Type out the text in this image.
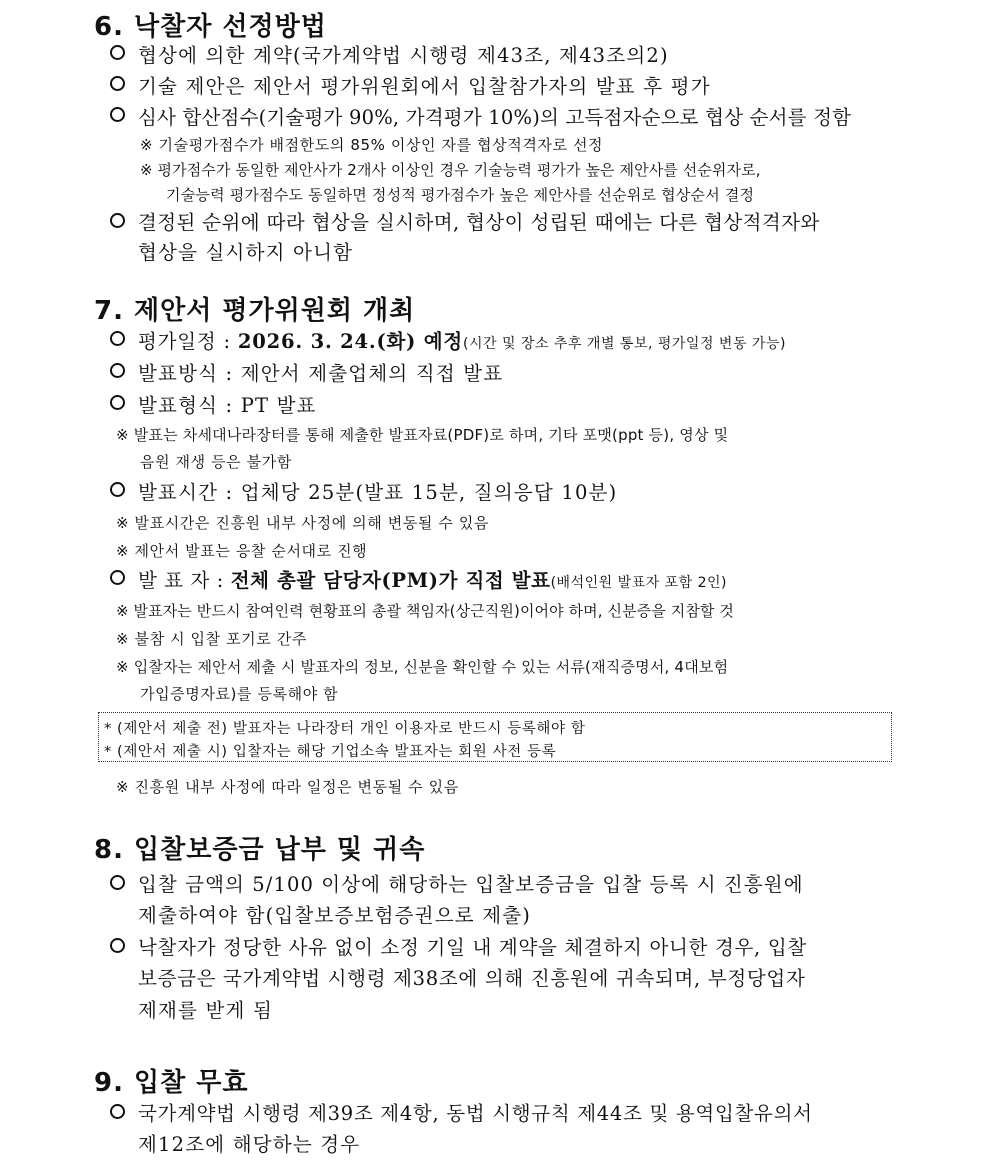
6. 낙찰자 선정방법
협상에 의한 계약(국가계약법 시행령 제43조, 제43조의2)
기술 제안은 제안서 평가위원회에서 입찰참가자의 발표 후 평가
심사 합산점수(기술평가 90%, 가격평가 10%)의 고득점자순으로 협상 순서를 정함
※ 기술평가점수가 배점한도의 85% 이상인 자를 협상적격자로 선정
※ 평가점수가 동일한 제안사가 2개사 이상인 경우 기술능력 평가가 높은 제안사를 선순위자로,
기술능력 평가점수도 동일하면 정성적 평가점수가 높은 제안사를 선순위로 협상순서 결정
결정된 순위에 따라 협상을 실시하며, 협상이 성립된 때에는 다른 협상적격자와
협상을 실시하지 아니함
7. 제안서 평가위원회 개최
평가일정 : 2026. 3. 24.(화) 예정(시간 및 장소 추후 개별 통보, 평가일정 변동 가능)
발표방식 : 제안서 제출업체의 직접 발표
발표형식 : PT 발표
※ 발표는 차세대나라장터를 통해 제출한 발표자료(PDF)로 하며, 기타 포맷(ppt 등), 영상 및
음원 재생 등은 불가함
발표시간 : 업체당 25분(발표 15분, 질의응답 10분)
※ 발표시간은 진흥원 내부 사정에 의해 변동될 수 있음
※ 제안서 발표는 응찰 순서대로 진행
발 표 자 : 전체 총괄 담당자(PM)가 직접 발표(배석인원 발표자 포함 2인)
※ 발표자는 반드시 참여인력 현황표의 총괄 책임자(상근직원)이어야 하며, 신분증을 지참할 것
※ 불참 시 입찰 포기로 간주
※ 입찰자는 제안서 제출 시 발표자의 정보, 신분을 확인할 수 있는 서류(재직증명서, 4대보험
가입증명자료)를 등록해야 함
* (제안서 제출 전) 발표자는 나라장터 개인 이용자로 반드시 등록해야 함
* (제안서 제출 시) 입찰자는 해당 기업소속 발표자는 회원 사전 등록
※ 진흥원 내부 사정에 따라 일정은 변동될 수 있음
8. 입찰보증금 납부 및 귀속
입찰 금액의 5/100 이상에 해당하는 입찰보증금을 입찰 등록 시 진흥원에
제출하여야 함(입찰보증보험증권으로 제출)
낙찰자가 정당한 사유 없이 소정 기일 내 계약을 체결하지 아니한 경우, 입찰
보증금은 국가계약법 시행령 제38조에 의해 진흥원에 귀속되며, 부정당업자
제재를 받게 됨
9. 입찰 무효
국가계약법 시행령 제39조 제4항, 동법 시행규칙 제44조 및 용역입찰유의서
제12조에 해당하는 경우
